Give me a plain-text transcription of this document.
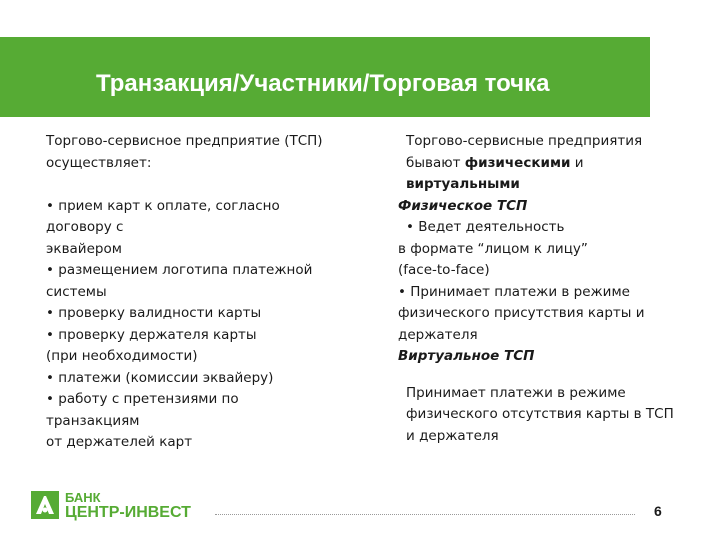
Транзакция/Участники/Торговая точка
Торгово-сервисное предприятие (ТСП)
осуществляет:
• прием карт к оплате, согласно
договору с
эквайером
• размещением логотипа платежной
системы
• проверку валидности карты
• проверку держателя карты
(при необходимости)
• платежи (комиссии эквайеру)
• работу с претензиями по
транзакциям
от держателей карт
Торгово-сервисные предприятия
бывают физическими и
виртуальными
Физическое ТСП
• Ведет деятельность
в формате “лицом к лицу”
(face-to-face)
• Принимает платежи в режиме
физического присутствия карты и
держателя
Виртуальное ТСП
Принимает платежи в режиме
физического отсутствия карты в ТСП
и держателя
БАНК
ЦЕНТР-ИНВЕСТ	6
